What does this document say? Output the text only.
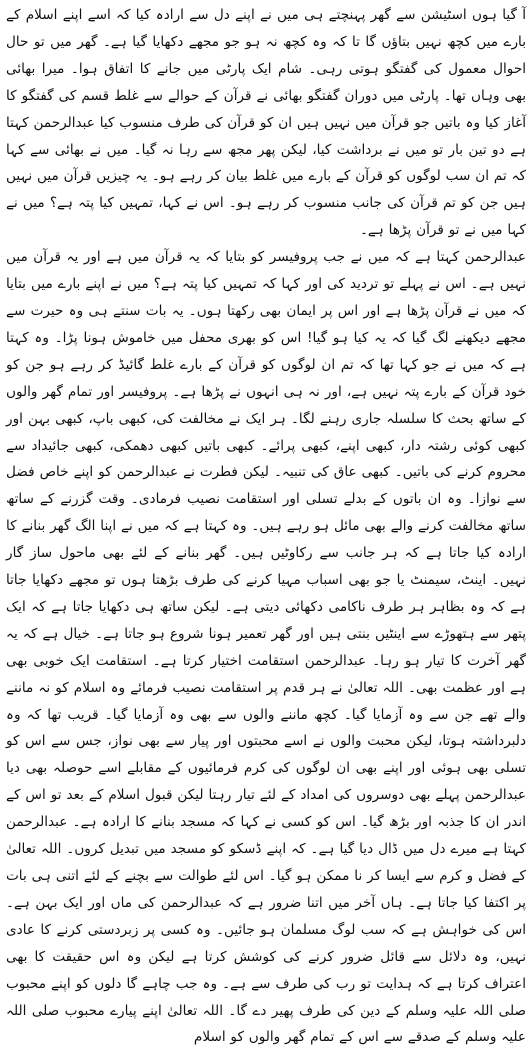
آ گیا ہوں اسٹیشن سے گھر پہنچتے ہی میں نے اپنے دل سے ارادہ کیا کہ اسے اپنے اسلام کے بارے میں کچھ نہیں بتاؤں گا تا کہ وہ کچھ نہ ہو جو مجھے دکھایا گیا ہے۔ گھر میں تو حال احوال معمول کی گفتگو ہوتی رہی۔ شام ایک پارٹی میں جانے کا اتفاق ہوا۔ میرا بھائی بھی وہاں تھا۔ پارٹی میں دوران گفتگو بھائی نے قرآن کے حوالے سے غلط قسم کی گفتگو کا آغاز کیا وہ باتیں جو قرآن میں نہیں ہیں ان کو قرآن کی طرف منسوب کیا عبدالرحمن کہتا ہے دو تین بار تو میں نے برداشت کیا، لیکن پھر مجھ سے رہا نہ گیا۔ میں نے بھائی سے کہا کہ تم ان سب لوگوں کو قرآن کے بارے میں غلط بیان کر رہے ہو۔ یہ چیزیں قرآن میں نہیں ہیں جن کو تم قرآن کی جانب منسوب کر رہے ہو۔ اس نے کہا، تمہیں کیا پتہ ہے؟ میں نے کہا میں نے تو قرآن پڑھا ہے۔

عبدالرحمن کہتا ہے کہ میں نے جب پروفیسر کو بتایا کہ یہ قرآن میں ہے اور یہ قرآن میں نہیں ہے۔ اس نے پہلے تو تردید کی اور کہا کہ تمہیں کیا پتہ ہے؟ میں نے اپنے بارے میں بتایا کہ میں نے قرآن پڑھا ہے اور اس پر ایمان بھی رکھتا ہوں۔ یہ بات سنتے ہی وہ حیرت سے مجھے دیکھنے لگ گیا کہ یہ کیا ہو گیا! اس کو بھری محفل میں خاموش ہونا پڑا۔ وہ کہتا ہے کہ میں نے جو کہا تھا کہ تم ان لوگوں کو قرآن کے بارے غلط گائیڈ کر رہے ہو جن کو خود قرآن کے بارے پتہ نہیں ہے، اور نہ ہی انہوں نے پڑھا ہے۔ پروفیسر اور تمام گھر والوں کے ساتھ بحث کا سلسلہ جاری رہنے لگا۔ ہر ایک نے مخالفت کی، کبھی باپ، کبھی بہن اور کبھی کوئی رشتہ دار، کبھی اپنے، کبھی پرائے۔ کبھی باتیں کبھی دھمکی، کبھی جائیداد سے محروم کرنے کی باتیں۔ کبھی عاق کی تنبیہ۔ لیکن فطرت نے عبدالرحمن کو اپنے خاص فضل سے نوازا۔ وہ ان باتوں کے بدلے تسلی اور استقامت نصیب فرمادی۔ وقت گزرنے کے ساتھ ساتھ مخالفت کرنے والے بھی مائل ہو رہے ہیں۔ وہ کہتا ہے کہ میں نے اپنا الگ گھر بنانے کا ارادہ کیا جاتا ہے کہ ہر جانب سے رکاوٹیں ہیں۔ گھر بنانے کے لئے بھی ماحول ساز گار نہیں۔ اینٹ، سیمنٹ یا جو بھی اسباب مہیا کرنے کی طرف بڑھتا ہوں تو مجھے دکھایا جاتا ہے کہ وہ بظاہر ہر طرف ناکامی دکھائی دیتی ہے۔ لیکن ساتھ ہی دکھایا جاتا ہے کہ ایک پتھر سے ہتھوڑے سے اینٹیں بنتی ہیں اور گھر تعمیر ہونا شروع ہو جاتا ہے۔ خیال ہے کہ یہ گھر آخرت کا تیار ہو رہا۔ عبدالرحمن استقامت اختیار کرتا ہے۔ استقامت ایک خوبی بھی ہے اور عظمت بھی۔ اللہ تعالیٰ نے ہر قدم پر استقامت نصیب فرمائے وہ اسلام کو نہ ماننے والے تھے جن سے وہ آزمایا گیا۔ کچھ ماننے والوں سے بھی وہ آزمایا گیا۔ قریب تھا کہ وہ دلبرداشتہ ہوتا، لیکن محبت والوں نے اسے محبتوں اور پیار سے بھی نواز، جس سے اس کو تسلی بھی ہوئی اور اپنے بھی ان لوگوں کی کرم فرمائیوں کے مقابلے اسے حوصلہ بھی دیا عبدالرحمن پہلے بھی دوسروں کی امداد کے لئے تیار رہتا لیکن قبول اسلام کے بعد تو اس کے اندر ان کا جذبہ اور بڑھ گیا۔ اس کو کسی نے کہا کہ مسجد بنانے کا ارادہ ہے۔ عبدالرحمن کہتا ہے میرے دل میں ڈال دیا گیا ہے۔ کہ اپنے ڈسکو کو مسجد میں تبدیل کروں۔ اللہ تعالیٰ کے فضل و کرم سے ایسا کر نا ممکن ہو گیا۔ اس لئے طوالت سے بچنے کے لئے اتنی ہی بات پر اکتفا کیا جاتا ہے۔ ہاں آخر میں اتنا ضرور ہے کہ عبدالرحمن کی ماں اور ایک بہن ہے۔ اس کی خواہش ہے کہ سب لوگ مسلمان ہو جائیں۔ وہ کسی پر زبردستی کرنے کا عادی نہیں، وہ دلائل سے قائل ضرور کرنے کی کوشش کرتا ہے لیکن وہ اس حقیقت کا بھی اعتراف کرتا ہے کہ ہدایت تو رب کی طرف سے ہے۔ وہ جب چاہے گا دلوں کو اپنے محبوب صلی اللہ علیہ وسلم کے دین کی طرف پھیر دے گا۔ اللہ تعالیٰ اپنے پیارے محبوب صلی اللہ علیہ وسلم کے صدقے سے اس کے تمام گھر والوں کو اسلام
